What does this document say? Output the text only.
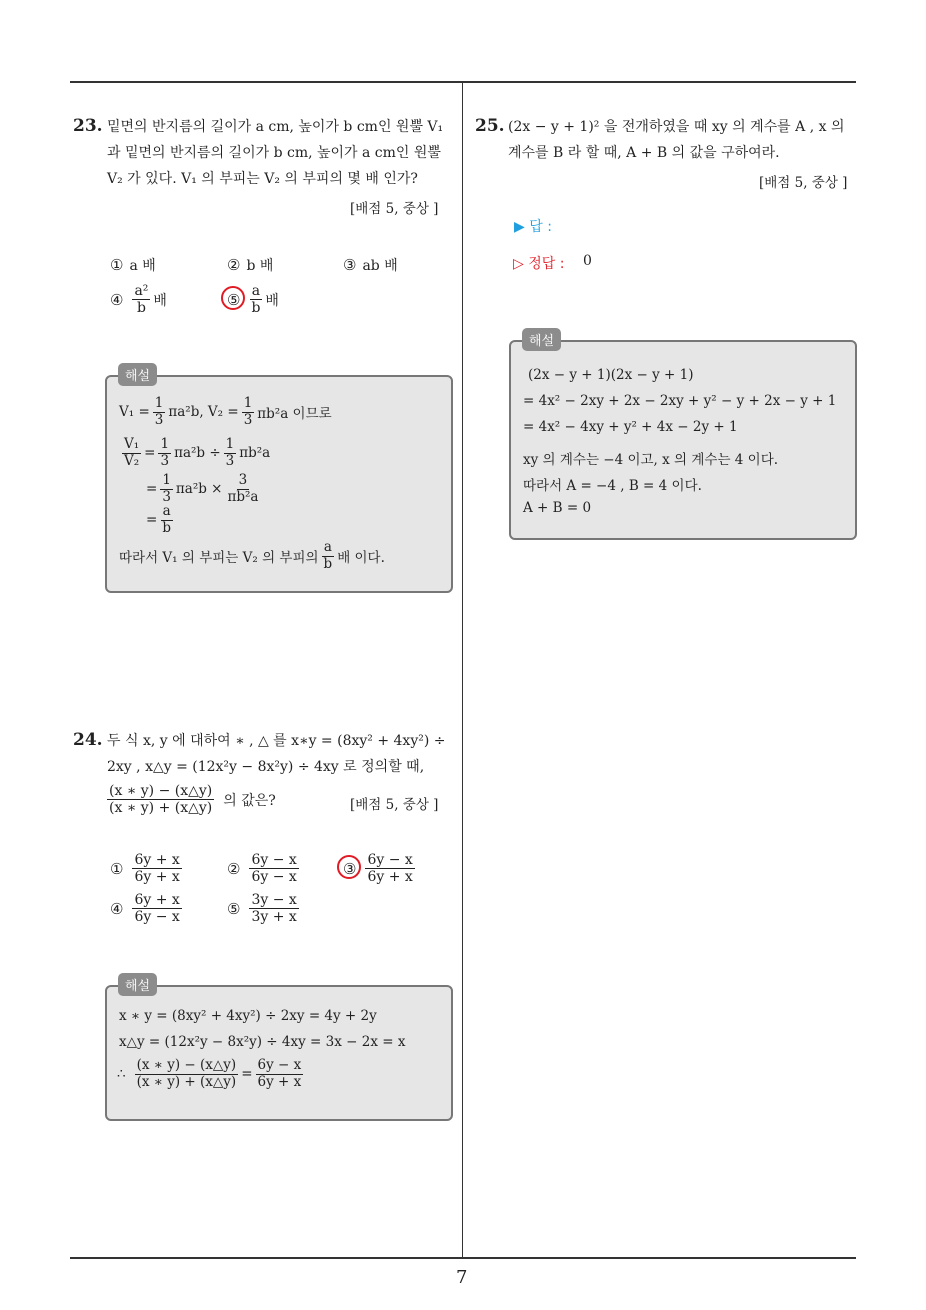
7
23. 밑면의 반지름의 길이가 a cm, 높이가 b cm인 원뿔 V₁
과 밑면의 반지름의 길이가 b cm, 높이가 a cm인 원뿔
V₂ 가 있다. V₁ 의 부피는 V₂ 의 부피의 몇 배 인가?
[배점 5, 중상 ]
① a 배	② b 배	③ ab 배
④ $\frac{\text{a²}}{b}$ 배	⑤ $\frac{a}{b}$ 배
해설
$V_1 = \frac{1}{3} \pi a^2b$, $V_2 = \frac{1}{3} \pi b^2a$ 이므로
$\frac{\text{V₁}}{\text{V₂}} = \frac{1}{3} \pi a^2b \div \frac{1}{3} \pi b^2a$
= $\frac{1}{3} \pi a^2b \times \frac{3}{\text{πb²a}}$
= $\frac{a}{b}$
따라서 V₁ 의 부피는 V₂ 의 부피의 $\frac{a}{b}$ 배 이다.
24. 두 식 x, y 에 대하여 ∗ , △ 를 x∗y = (8xy² + 4xy²) ÷
2xy , x△y = (12x²y − 8x²y) ÷ 4xy 로 정의할 때,
$\frac{(x ∗ y) - (x\triangle y)}{(x ∗ y) + (x\triangle y)}$ 의 값은?	[배점 5, 중상 ]
① $\frac{6y + x}{6y + x}$	② $\frac{6y - x}{6y - x}$	③ $\frac{6y - x}{6y + x}$
④ $\frac{6y + x}{6y - x}$	⑤ $\frac{3y - x}{3y + x}$
해설
x ∗ y = (8xy² + 4xy²) ÷ 2xy = 4y + 2y
x△y = (12x²y − 8x²y) ÷ 4xy = 3x − 2x = x
∴ $\frac{(x ∗ y) - (x\triangle y)}{(x ∗ y) + (x\triangle y)} = \frac{6y - x}{6y + x}$
25. (2x − y + 1)² 을 전개하였을 때 xy 의 계수를 A , x 의
계수를 B 라 할 때, A + B 의 값을 구하여라.
[배점 5, 중상 ]
▶ 답 :
▷ 정답 : 0
해설
(2x − y + 1)(2x − y + 1)
= 4x² − 2xy + 2x − 2xy + y² − y + 2x − y + 1
= 4x² − 4xy + y² + 4x − 2y + 1
xy 의 계수는 −4 이고, x 의 계수는 4 이다.
따라서 A = −4 , B = 4 이다.
A + B = 0
